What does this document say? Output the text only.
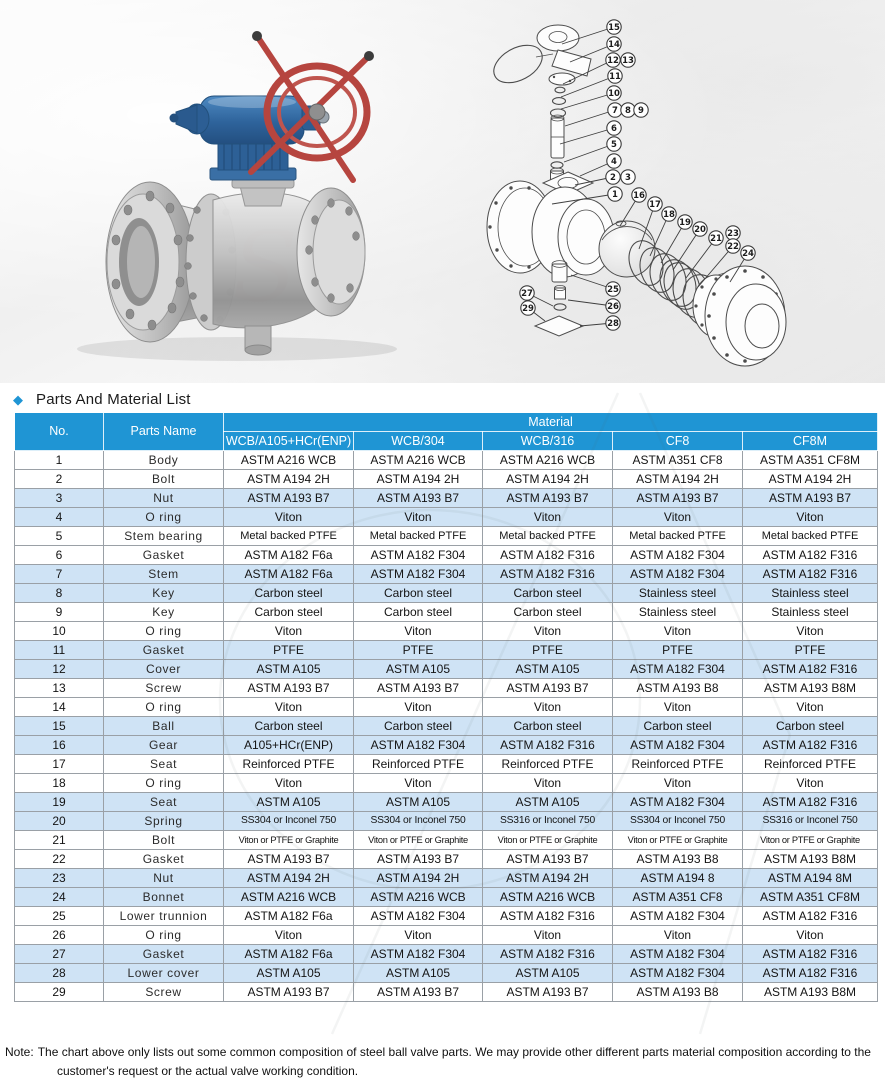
15
14
12 13
11
10
7 8 9
6
5
4
2 3
1 16
17
18
19
20
21 23
22
24
25
27
26
29
28
◆ Parts And Material List
No.	Parts Name	Material				
		WCB/A105+HCr(ENP)	WCB/304	WCB/316	CF8	CF8M
1	Body	ASTM A216 WCB	ASTM A216 WCB	ASTM A216 WCB	ASTM A351 CF8	ASTM A351 CF8M
2	Bolt	ASTM A194 2H	ASTM A194 2H	ASTM A194 2H	ASTM A194 2H	ASTM A194 2H
3	Nut	ASTM A193 B7	ASTM A193 B7	ASTM A193 B7	ASTM A193 B7	ASTM A193 B7
4	O ring	Viton	Viton	Viton	Viton	Viton
5	Stem bearing	Metal backed PTFE	Metal backed PTFE	Metal backed PTFE	Metal backed PTFE	Metal backed PTFE
6	Gasket	ASTM A182 F6a	ASTM A182 F304	ASTM A182 F316	ASTM A182 F304	ASTM A182 F316
7	Stem	ASTM A182 F6a	ASTM A182 F304	ASTM A182 F316	ASTM A182 F304	ASTM A182 F316
8	Key	Carbon steel	Carbon steel	Carbon steel	Stainless steel	Stainless steel
9	Key	Carbon steel	Carbon steel	Carbon steel	Stainless steel	Stainless steel
10	O ring	Viton	Viton	Viton	Viton	Viton
11	Gasket	PTFE	PTFE	PTFE	PTFE	PTFE
12	Cover	ASTM A105	ASTM A105	ASTM A105	ASTM A182 F304	ASTM A182 F316
13	Screw	ASTM A193 B7	ASTM A193 B7	ASTM A193 B7	ASTM A193 B8	ASTM A193 B8M
14	O ring	Viton	Viton	Viton	Viton	Viton
15	Ball	Carbon steel	Carbon steel	Carbon steel	Carbon steel	Carbon steel
16	Gear	A105+HCr(ENP)	ASTM A182 F304	ASTM A182 F316	ASTM A182 F304	ASTM A182 F316
17	Seat	Reinforced PTFE	Reinforced PTFE	Reinforced PTFE	Reinforced PTFE	Reinforced PTFE
18	O ring	Viton	Viton	Viton	Viton	Viton
19	Seat	ASTM A105	ASTM A105	ASTM A105	ASTM A182 F304	ASTM A182 F316
20	Spring	SS304 or Inconel 750	SS304 or Inconel 750	SS316 or Inconel 750	SS304 or Inconel 750	SS316 or Inconel 750
21	Bolt	Viton or PTFE or Graphite	Viton or PTFE or Graphite	Viton or PTFE or Graphite	Viton or PTFE or Graphite	Viton or PTFE or Graphite
22	Gasket	ASTM A193 B7	ASTM A193 B7	ASTM A193 B7	ASTM A193 B8	ASTM A193 B8M
23	Nut	ASTM A194 2H	ASTM A194 2H	ASTM A194 2H	ASTM A194 8	ASTM A194 8M
24	Bonnet	ASTM A216 WCB	ASTM A216 WCB	ASTM A216 WCB	ASTM A351 CF8	ASTM A351 CF8M
25	Lower trunnion	ASTM A182 F6a	ASTM A182 F304	ASTM A182 F316	ASTM A182 F304	ASTM A182 F316
26	O ring	Viton	Viton	Viton	Viton	Viton
27	Gasket	ASTM A182 F6a	ASTM A182 F304	ASTM A182 F316	ASTM A182 F304	ASTM A182 F316
28	Lower cover	ASTM A105	ASTM A105	ASTM A105	ASTM A182 F304	ASTM A182 F316
29	Screw	ASTM A193 B7	ASTM A193 B7	ASTM A193 B7	ASTM A193 B8	ASTM A193 B8M
Note: The chart above only lists out some common composition of steel ball valve parts. We may provide other different parts material composition according to the
customer's request or the actual valve working condition.
